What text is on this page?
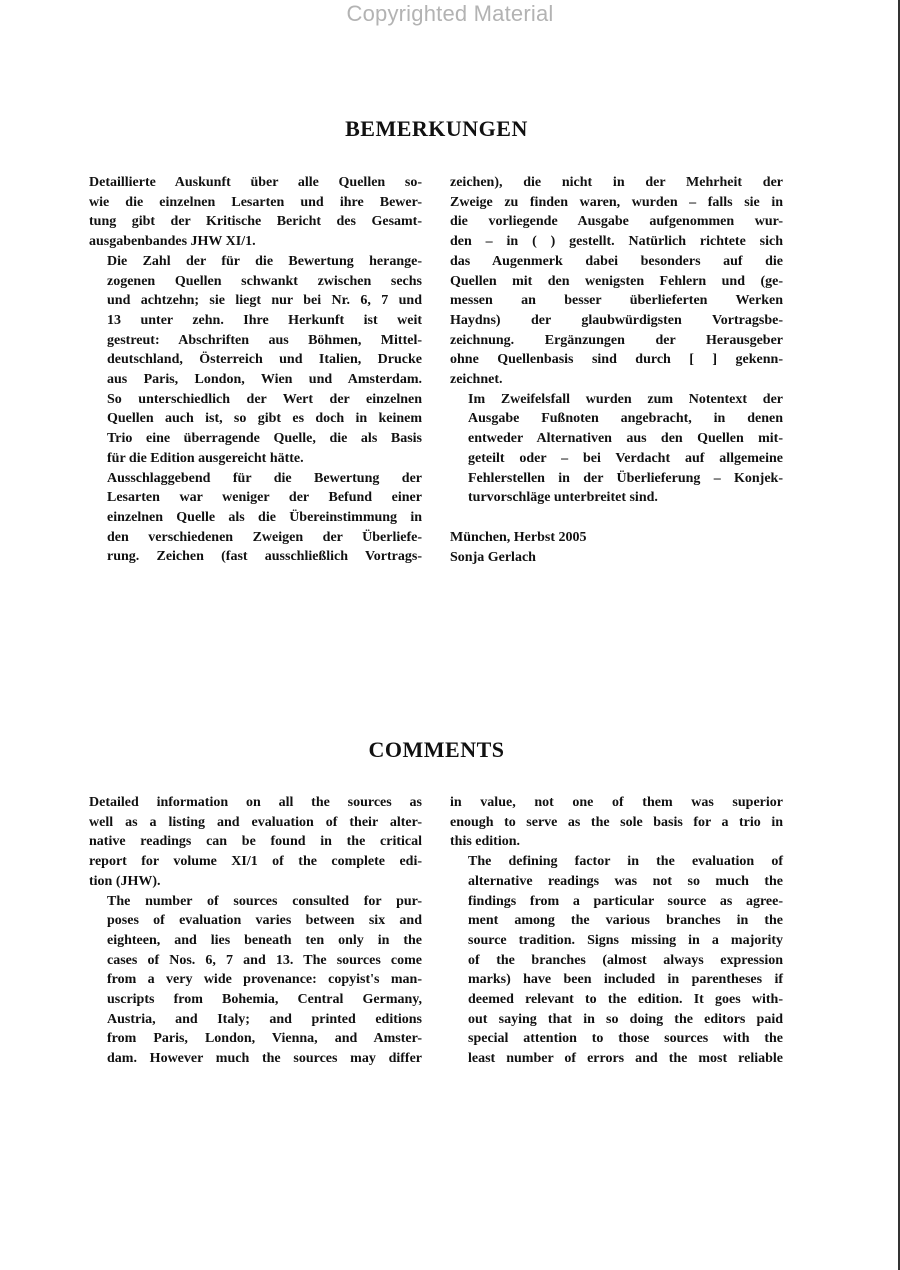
Copyrighted Material
BEMERKUNGEN

Detaillierte Auskunft über alle Quellen so-
wie die einzelnen Lesarten und ihre Bewer-
tung gibt der Kritische Bericht des Gesamt-
ausgabenbandes JHW XI/1.

Die Zahl der für die Bewertung herange-
zogenen Quellen schwankt zwischen sechs
und achtzehn; sie liegt nur bei Nr. 6, 7 und
13 unter zehn. Ihre Herkunft ist weit
gestreut: Abschriften aus Böhmen, Mittel-
deutschland, Österreich und Italien, Drucke
aus Paris, London, Wien und Amsterdam.
So unterschiedlich der Wert der einzelnen
Quellen auch ist, so gibt es doch in keinem
Trio eine überragende Quelle, die als Basis
für die Edition ausgereicht hätte.

Ausschlaggebend für die Bewertung der
Lesarten war weniger der Befund einer
einzelnen Quelle als die Übereinstimmung in
den verschiedenen Zweigen der Überliefe-
rung. Zeichen (fast ausschließlich Vortrags-

zeichen), die nicht in der Mehrheit der
Zweige zu finden waren, wurden – falls sie in
die vorliegende Ausgabe aufgenommen wur-
den – in ( ) gestellt. Natürlich richtete sich
das Augenmerk dabei besonders auf die
Quellen mit den wenigsten Fehlern und (ge-
messen an besser überlieferten Werken
Haydns) der glaubwürdigsten Vortragsbe-
zeichnung. Ergänzungen der Herausgeber
ohne Quellenbasis sind durch [ ] gekenn-
zeichnet.

Im Zweifelsfall wurden zum Notentext der
Ausgabe Fußnoten angebracht, in denen
entweder Alternativen aus den Quellen mit-
geteilt oder – bei Verdacht auf allgemeine
Fehlerstellen in der Überlieferung – Konjek-
turvorschläge unterbreitet sind.

München, Herbst 2005
Sonja Gerlach
COMMENTS

Detailed information on all the sources as
well as a listing and evaluation of their alter-
native readings can be found in the critical
report for volume XI/1 of the complete edi-
tion (JHW).

The number of sources consulted for pur-
poses of evaluation varies between six and
eighteen, and lies beneath ten only in the
cases of Nos. 6, 7 and 13. The sources come
from a very wide provenance: copyist's man-
uscripts from Bohemia, Central Germany,
Austria, and Italy; and printed editions
from Paris, London, Vienna, and Amster-
dam. However much the sources may differ

in value, not one of them was superior
enough to serve as the sole basis for a trio in
this edition.

The defining factor in the evaluation of
alternative readings was not so much the
findings from a particular source as agree-
ment among the various branches in the
source tradition. Signs missing in a majority
of the branches (almost always expression
marks) have been included in parentheses if
deemed relevant to the edition. It goes with-
out saying that in so doing the editors paid
special attention to those sources with the
least number of errors and the most reliable
